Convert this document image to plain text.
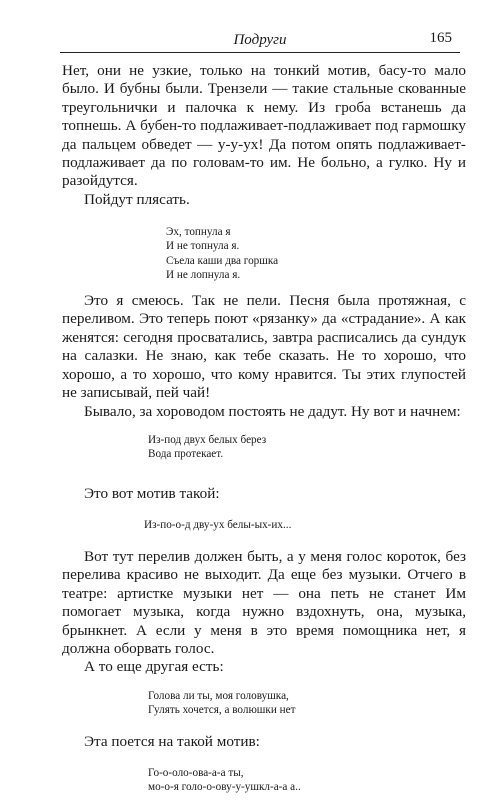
Подруги	165

Нет, они не узкие, только на тонкий мотив, басу-то мало было. И бубны были. Трензели — такие стальные скованные треугольнички и палочка к нему. Из гроба встанешь да топнешь. А бубен-то подлаживает-подлаживает под гармошку да пальцем обведет — у-у-ух! Да потом опять подлаживает-подлаживает да по головам-то им. Не больно, а гулко. Ну и разойдутся.

Пойдут плясать.

Эх, топнула я
И не топнула я.
Съела каши два горшка
И не лопнула я.

Это я смеюсь. Так не пели. Песня была протяжная, с переливом. Это теперь поют «рязанку» да «страдание». А как женятся: сегодня просватались, завтра расписались да сундук на салазки. Не знаю, как тебе сказать. Не то хорошо, что хорошо, а то хорошо, что кому нравится. Ты этих глупостей не записывай, пей чай!

Бывало, за хороводом постоять не дадут. Ну вот и начнем:

Из-под двух белых берез
Вода протекает.

Это вот мотив такой:

Из-по-о-д дву-ух белы-ых-их...

Вот тут перелив должен быть, а у меня голос короток, без перелива красиво не выходит. Да еще без музыки. Отчего в театре: артистке музыки нет — она петь не станет Им помогает музыка, когда нужно вздохнуть, она, музыка, брынкнет. А если у меня в это время помощника нет, я должна оборвать голос.

А то еще другая есть:

Голова ли ты, моя головушка,
Гулять хочется, а волюшки нет

Эта поется на такой мотив:

Го-о-оло-ова-а-а ты,
мо-о-я голо-о-ову-у-ушкл-а-а а..
